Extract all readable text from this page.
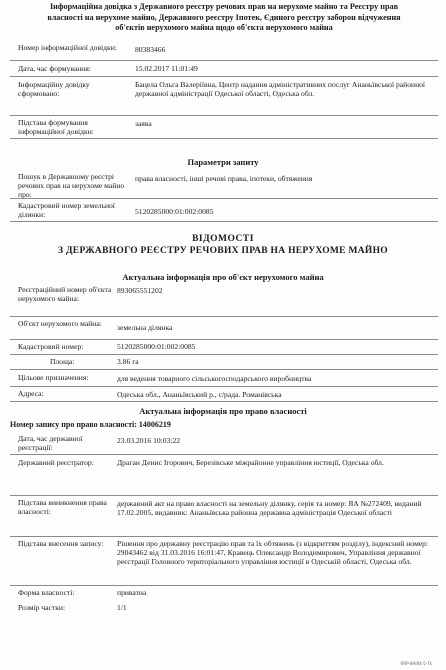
Інформаційна довідка з Державного реєстру речових прав на нерухоме майно та Реєстру прав власності на нерухоме майно, Державного реєстру Іпотек, Єдиного реєстру заборон відчуження об'єктів нерухомого майна щодо об'єкта нерухомого майна
Номер інформаційної довідки: 80383466
Дата, час формування:	15.02.2017 11:01:49
Інформаційну довідку сформовано:
Бацела Ольга Валеріївна, Центр надання адміністративних послуг Ананьївської районної державної адміністрації Одеської області, Одеська обл.
Підстава формування інформаційної довідки:
заява
Параметри запиту
Пошук в Державному реєстрі речових прав на нерухоме майно про:
права власності, інші речові права, іпотеки, обтяження
Кадастровий номер земельної ділянки:	5120285000:01:002:0085
ВІДОМОСТІ
З ДЕРЖАВНОГО РЕЄСТРУ РЕЧОВИХ ПРАВ НА НЕРУХОМЕ МАЙНО
Актуальна інформація про об'єкт нерухомого майна
Реєстраційний номер об'єкта нерухомого майна:
893065551202
Об'єкт нерухомого майна:	земельна ділянка
Кадастровий номер:	5120285000:01:002:0085
Площа:	3.86 га
Цільове призначення:	для ведення товарного сільськогосподарського виробництва
Адреса:	Одеська обл., Ананьївський р., с/рада. Романівська
Актуальна інформація про право власності
Номер запису про право власності: 14006219
Дата, час державної реєстрації:
23.03.2016 10:03:22
Державний реєстратор:	Драган Денис Ігорович, Березівське міжрайонне управління юстиції, Одеська обл.
Підстава виникнення права власності:
державний акт на право власності на земельну ділянку, серія та номер: ЯА №272409, виданий 17.02.2005, видавник: Ананьївська районна державна адміністрація Одеської області
Підстава внесення запису:	Рішення про державну реєстрацію прав та їх обтяжень (з відкриттям розділу), індексний номер: 29043462 від 31.03.2016 16:01:47, Кравець Олександр Володимирович, Управління державної реєстрації Головного територіального управління юстиції в Одеській області, Одеська обл.
Форма власності:	приватна
Розмір частки:	1/1
RRP-6HI64-5-7k
